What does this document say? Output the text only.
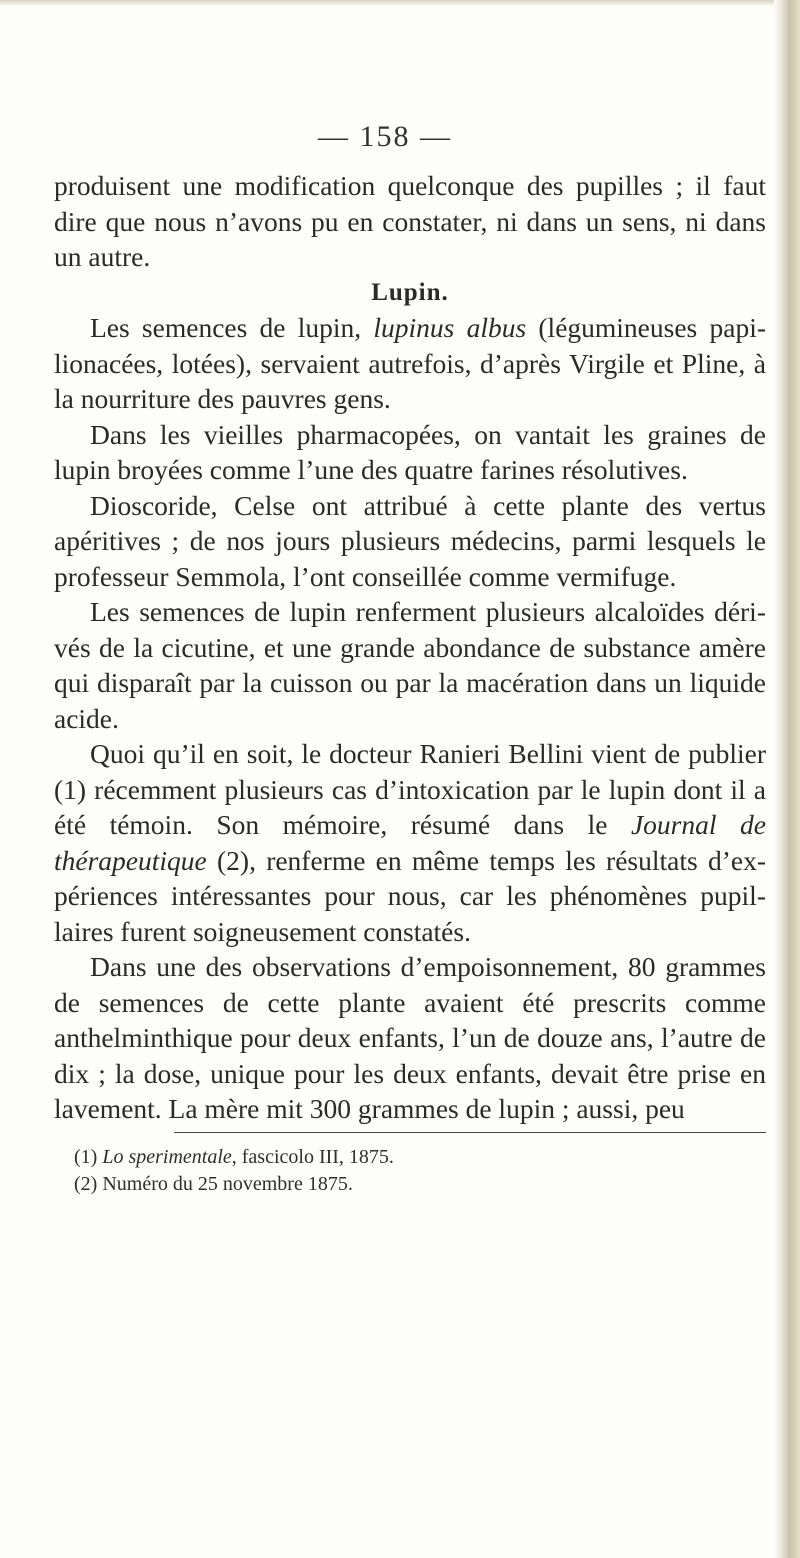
— 158 —

produisent une modification quelconque des pupilles ; il faut dire que nous n’avons pu en constater, ni dans un sens, ni dans un autre.

Lupin.

Les semences de lupin, lupinus albus (légumineuses papilionacées, lotées), servaient autrefois, d’après Virgile et Pline, à la nourriture des pauvres gens.

Dans les vieilles pharmacopées, on vantait les graines de lupin broyées comme l’une des quatre farines résolutives.

Dioscoride, Celse ont attribué à cette plante des vertus apéritives ; de nos jours plusieurs médecins, parmi lesquels le professeur Semmola, l’ont conseillée comme vermifuge.

Les semences de lupin renferment plusieurs alcaloïdes dérivés de la cicutine, et une grande abondance de substance amère qui disparaît par la cuisson ou par la macération dans un liquide acide.

Quoi qu’il en soit, le docteur Ranieri Bellini vient de publier (1) récemment plusieurs cas d’intoxication par le lupin dont il a été témoin. Son mémoire, résumé dans le Journal de thérapeutique (2), renferme en même temps les résultats d’expériences intéressantes pour nous, car les phénomènes pupillaires furent soigneusement constatés.

Dans une des observations d’empoisonnement, 80 grammes de semences de cette plante avaient été prescrits comme anthelminthique pour deux enfants, l’un de douze ans, l’autre de dix ; la dose, unique pour les deux enfants, devait être prise en lavement. La mère mit 300 grammes de lupin ; aussi, peu

(1) Lo sperimentale, fascicolo III, 1875.
(2) Numéro du 25 novembre 1875.
